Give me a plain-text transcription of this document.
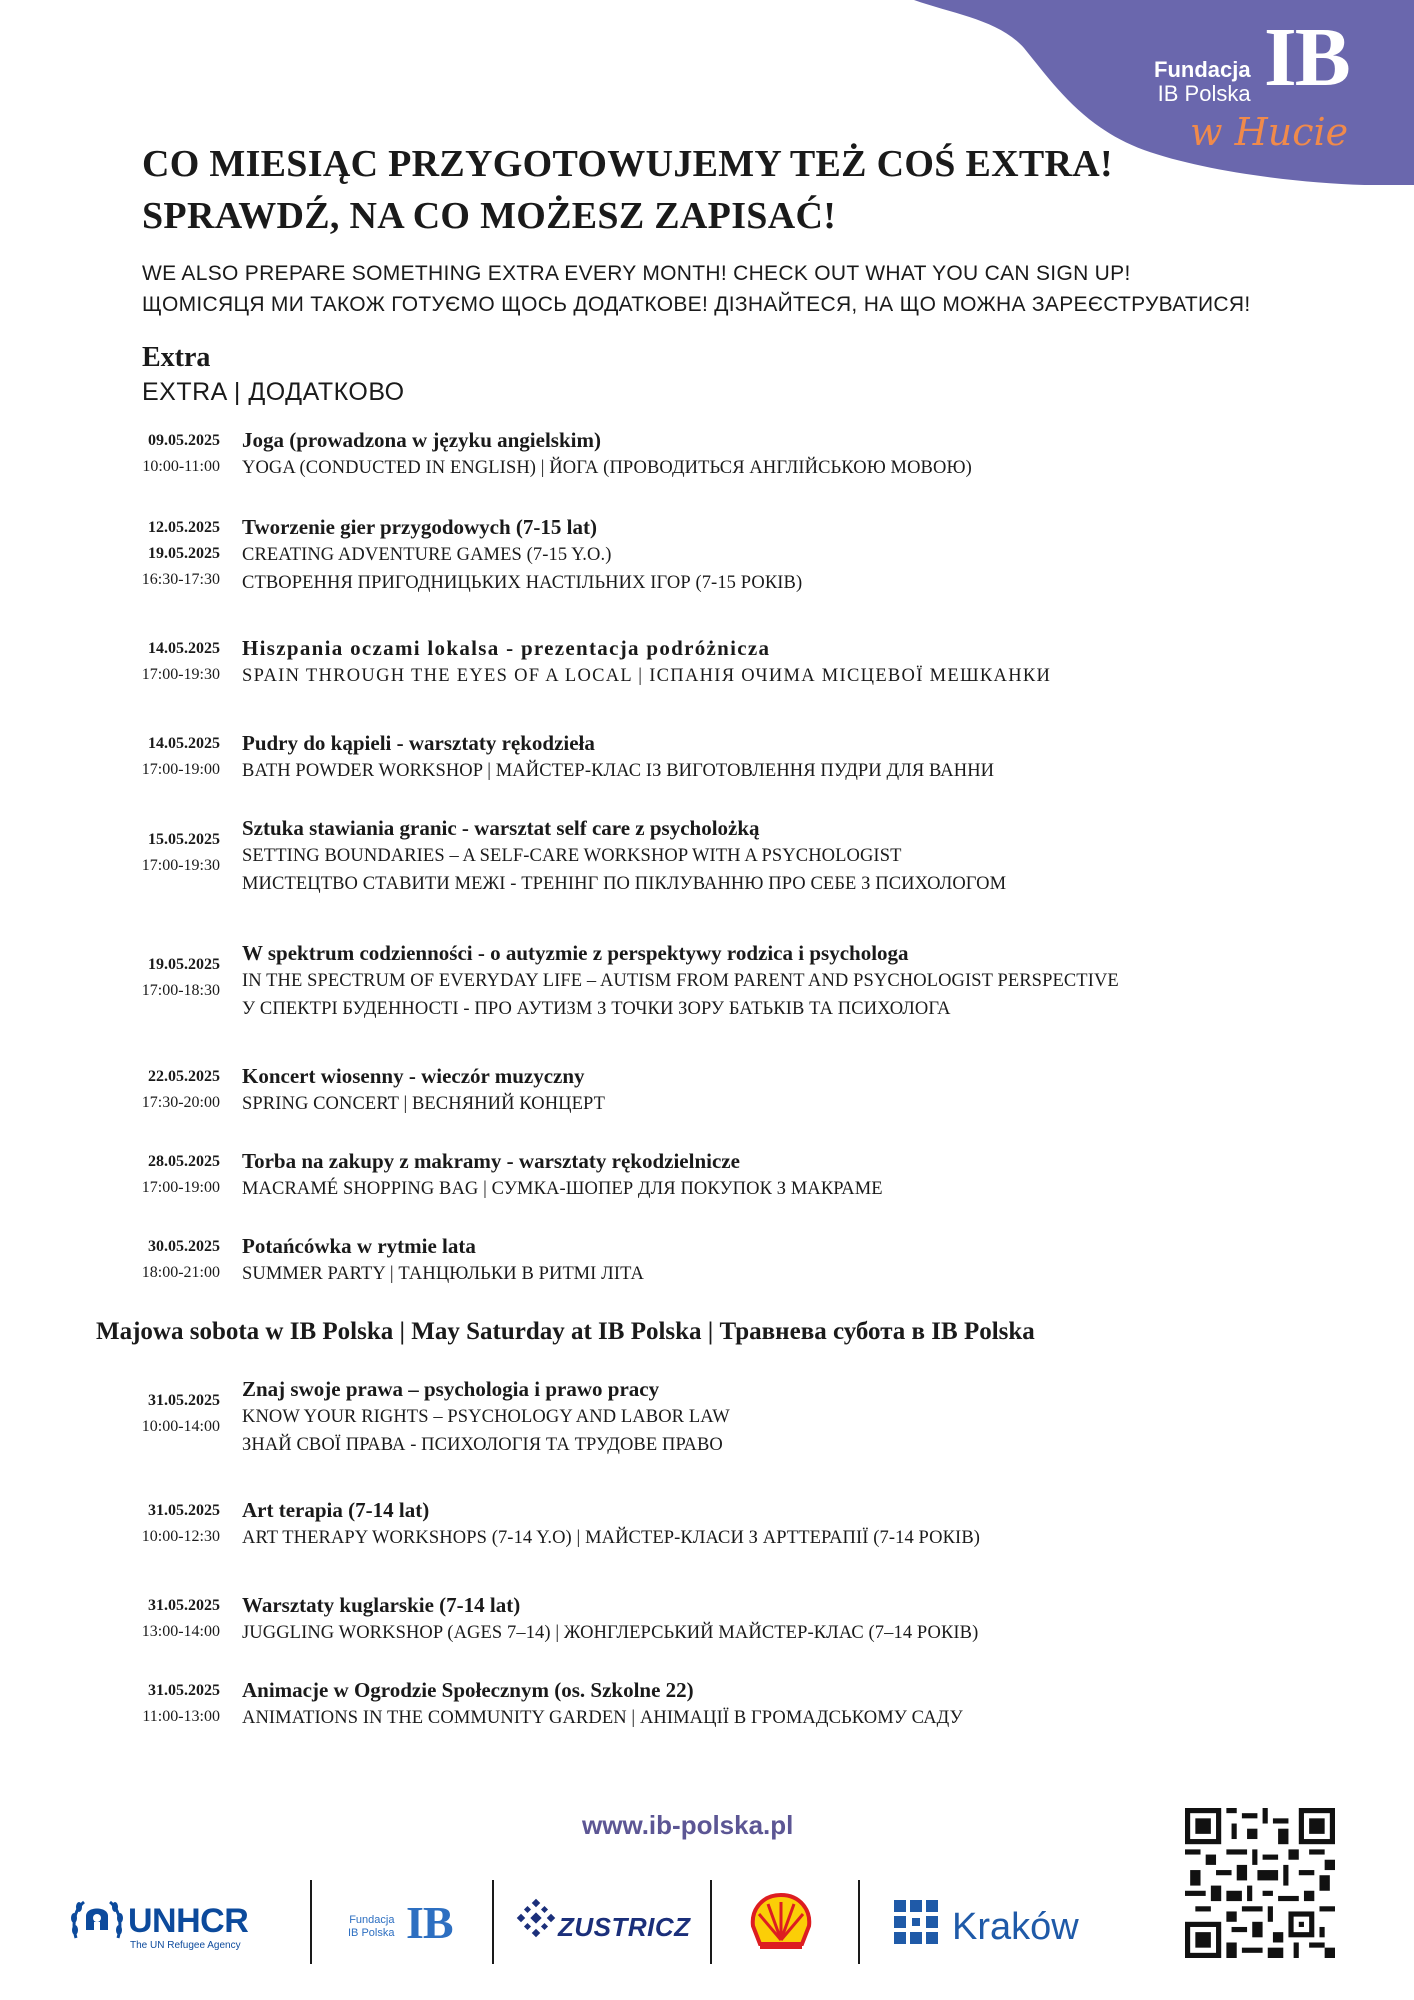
Fundacja
IB Polska IB
w Hucie
CO MIESIĄC PRZYGOTOWUJEMY TEŻ COŚ EXTRA!
SPRAWDŹ, NA CO MOŻESZ ZAPISAĆ!
WE ALSO PREPARE SOMETHING EXTRA EVERY MONTH! CHECK OUT WHAT YOU CAN SIGN UP!
ЩОМІСЯЦЯ МИ ТАКОЖ ГОТУЄМО ЩОСЬ ДОДАТКОВЕ! ДІЗНАЙТЕСЯ, НА ЩО МОЖНА ЗАРЕЄСТРУВАТИСЯ!
Extra
EXTRA | ДОДАТКОВО
09.05.2025
10:00-11:00
Joga (prowadzona w języku angielskim)
YOGA (CONDUCTED IN ENGLISH) | ЙОГА (ПРОВОДИТЬСЯ АНГЛІЙСЬКОЮ МОВОЮ)
12.05.2025
19.05.2025
16:30-17:30
Tworzenie gier przygodowych (7-15 lat)
CREATING ADVENTURE GAMES (7-15 Y.O.)
СТВОРЕННЯ ПРИГОДНИЦЬКИХ НАСТІЛЬНИХ ІГОР (7-15 РОКІВ)
14.05.2025
17:00-19:30
Hiszpania oczami lokalsa - prezentacja podróżnicza
SPAIN THROUGH THE EYES OF A LOCAL | ІСПАНІЯ ОЧИМА МІСЦЕВОЇ МЕШКАНКИ
14.05.2025
17:00-19:00
Pudry do kąpieli - warsztaty rękodzieła
BATH POWDER WORKSHOP | МАЙСТЕР-КЛАС ІЗ ВИГОТОВЛЕННЯ ПУДРИ ДЛЯ ВАННИ
15.05.2025
17:00-19:30
Sztuka stawiania granic - warsztat self care z psycholożką
SETTING BOUNDARIES – A SELF-CARE WORKSHOP WITH A PSYCHOLOGIST
МИСТЕЦТВО СТАВИТИ МЕЖІ - ТРЕНІНГ ПО ПІКЛУВАННЮ ПРО СЕБЕ З ПСИХОЛОГОМ
19.05.2025
17:00-18:30
W spektrum codzienności - o autyzmie z perspektywy rodzica i psychologa
IN THE SPECTRUM OF EVERYDAY LIFE – AUTISM FROM PARENT AND PSYCHOLOGIST PERSPECTIVE
У СПЕКТРІ БУДЕННОСТІ - ПРО АУТИЗМ З ТОЧКИ ЗОРУ БАТЬКІВ ТА ПСИХОЛОГА
22.05.2025
17:30-20:00
Koncert wiosenny - wieczór muzyczny
SPRING CONCERT | ВЕСНЯНИЙ КОНЦЕРТ
28.05.2025
17:00-19:00
Torba na zakupy z makramy - warsztaty rękodzielnicze
MACRAMÉ SHOPPING BAG | СУМКА-ШОПЕР ДЛЯ ПОКУПОК З МАКРАМЕ
30.05.2025
18:00-21:00
Potańcówka w rytmie lata
SUMMER PARTY | ТАНЦЮЛЬКИ В РИТМІ ЛІТА
Majowa sobota w IB Polska | May Saturday at IB Polska | Травнева субота в IB Polska
31.05.2025
10:00-14:00
Znaj swoje prawa – psychologia i prawo pracy
KNOW YOUR RIGHTS – PSYCHOLOGY AND LABOR LAW
ЗНАЙ СВОЇ ПРАВА - ПСИХОЛОГІЯ ТА ТРУДОВЕ ПРАВО
31.05.2025
10:00-12:30
Art terapia (7-14 lat)
ART THERAPY WORKSHOPS (7-14 Y.O) | МАЙСТЕР-КЛАСИ З АРТТЕРАПІЇ (7-14 РОКІВ)
31.05.2025
13:00-14:00
Warsztaty kuglarskie (7-14 lat)
JUGGLING WORKSHOP (AGES 7–14) | ЖОНГЛЕРСЬКИЙ МАЙСТЕР-КЛАС (7–14 РОКІВ)
31.05.2025
11:00-13:00
Animacje w Ogrodzie Społecznym (os. Szkolne 22)
ANIMATIONS IN THE COMMUNITY GARDEN | АНІМАЦІЇ В ГРОМАДСЬКОМУ САДУ
www.ib-polska.pl
UNHCR
The UN Refugee Agency
Fundacja
IB Polska IB	ZUSTRICZ	Kraków
